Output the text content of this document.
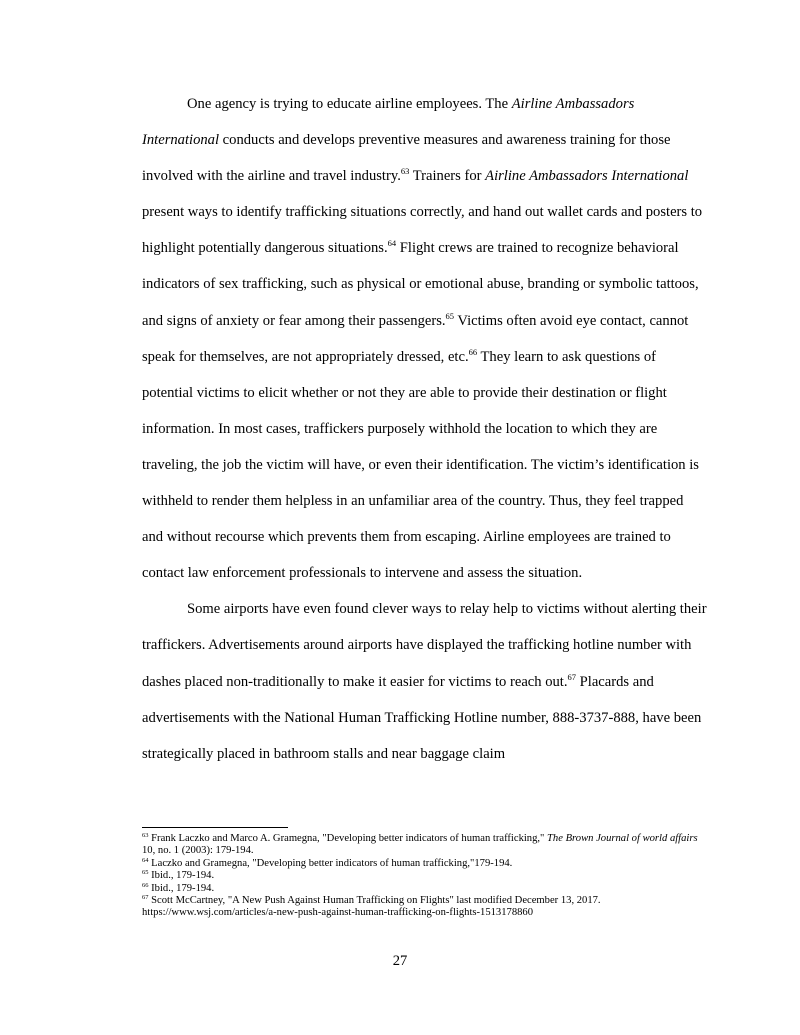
One agency is trying to educate airline employees. The Airline Ambassadors International conducts and develops preventive measures and awareness training for those involved with the airline and travel industry.$^{63}$ Trainers for Airline Ambassadors International present ways to identify trafficking situations correctly, and hand out wallet cards and posters to highlight potentially dangerous situations.$^{64}$ Flight crews are trained to recognize behavioral indicators of sex trafficking, such as physical or emotional abuse, branding or symbolic tattoos, and signs of anxiety or fear among their passengers.$^{65}$ Victims often avoid eye contact, cannot speak for themselves, are not appropriately dressed, etc.$^{66}$ They learn to ask questions of potential victims to elicit whether or not they are able to provide their destination or flight information. In most cases, traffickers purposely withhold the location to which they are traveling, the job the victim will have, or even their identification. The victim’s identification is withheld to render them helpless in an unfamiliar area of the country. Thus, they feel trapped and without recourse which prevents them from escaping. Airline employees are trained to contact law enforcement professionals to intervene and assess the situation.

Some airports have even found clever ways to relay help to victims without alerting their traffickers. Advertisements around airports have displayed the trafficking hotline number with dashes placed non-traditionally to make it easier for victims to reach out.$^{67}$ Placards and advertisements with the National Human Trafficking Hotline number, 888-3737-888, have been strategically placed in bathroom stalls and near baggage claim

$^{63}$ Frank Laczko and Marco A. Gramegna, "Developing better indicators of human trafficking," The Brown Journal of world affairs 10, no. 1 (2003): 179-194.

$^{64}$ Laczko and Gramegna, "Developing better indicators of human trafficking,"179-194.

$^{65}$ Ibid., 179-194.

$^{66}$ Ibid., 179-194.

$^{67}$ Scott McCartney, "A New Push Against Human Trafficking on Flights" last modified December 13, 2017. https://www.wsj.com/articles/a-new-push-against-human-trafficking-on-flights-1513178860

27
